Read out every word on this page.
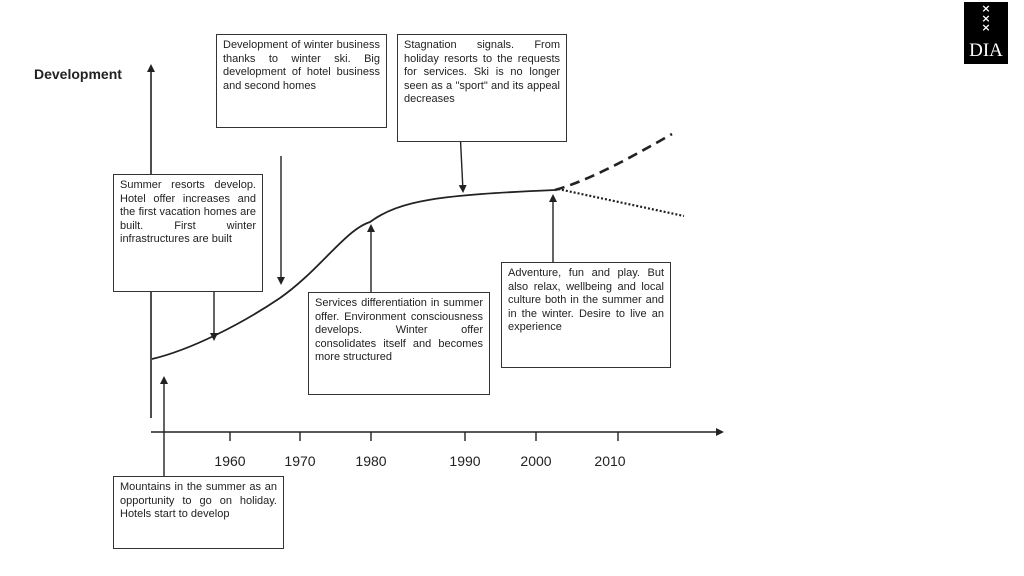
Development
1960	1970	1980	1990	2000	2010
Development of winter business thanks to winter ski. Big development of hotel business and second homes
Stagnation signals. From holiday resorts to the requests for services. Ski is no longer seen as a "sport" and its appeal decreases
Summer resorts develop. Hotel offer increases and the first vacation homes are built. First winter infrastructures are built
Services differentiation in summer offer. Environment consciousness develops. Winter offer consolidates itself and becomes more structured
Adventure, fun and play. But also relax, wellbeing and local culture both in the summer and in the winter. Desire to live an experience
Mountains in the summer as an opportunity to go on holiday. Hotels start to develop
×
×
×
DIA
